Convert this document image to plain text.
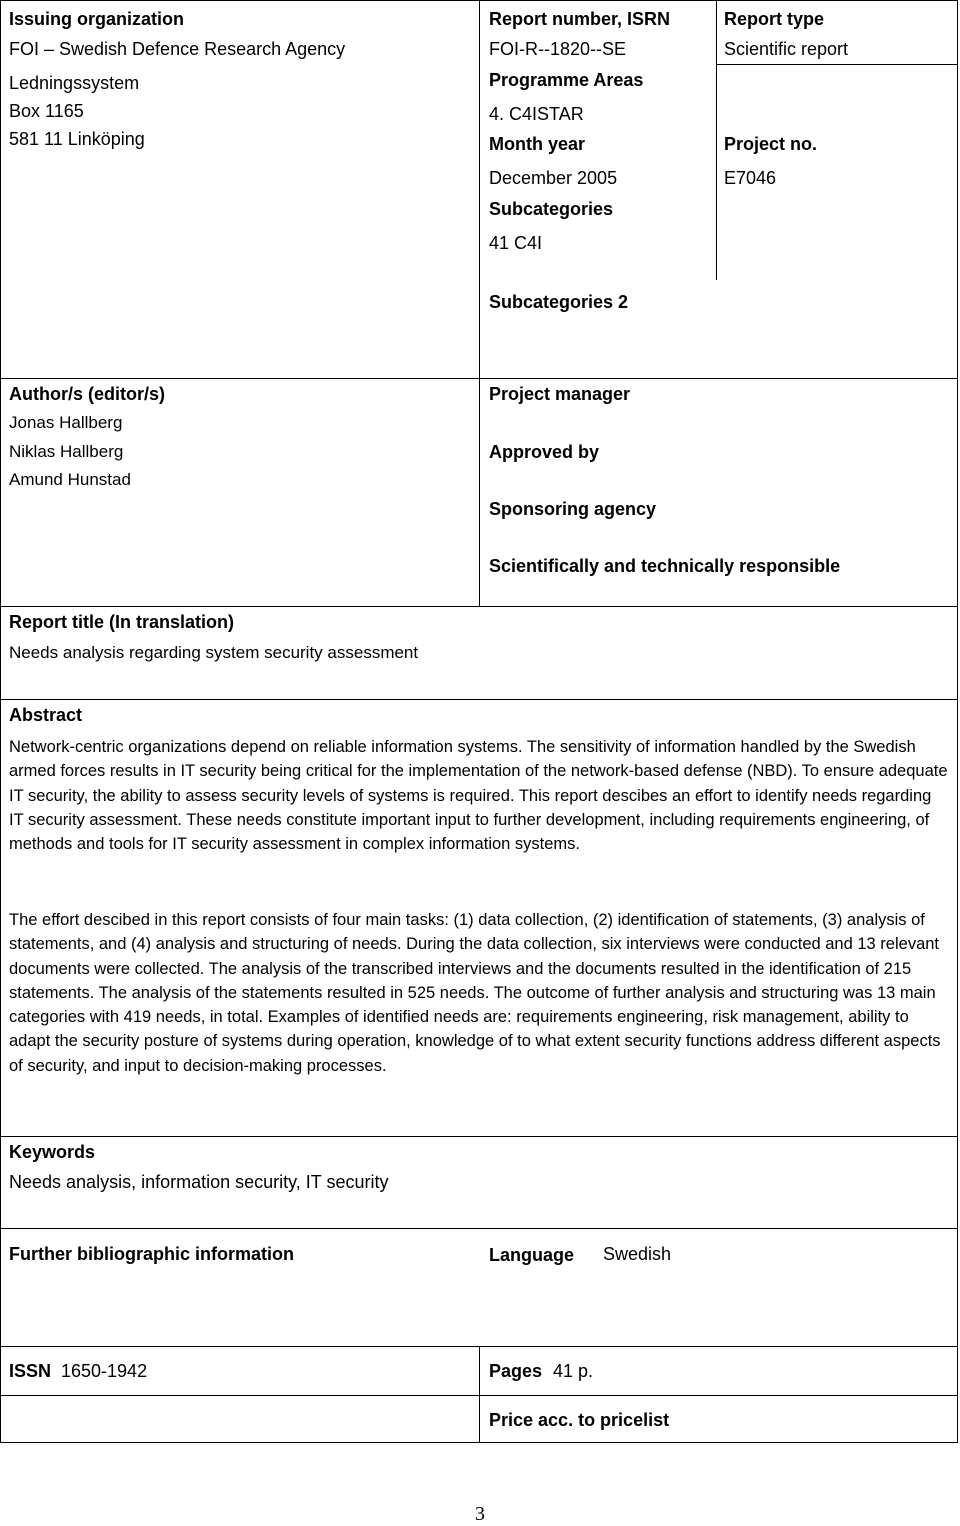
Issuing organization
FOI – Swedish Defence Research Agency
Ledningssystem
Box 1165
581 11 Linköping
Report number, ISRN
FOI-R--1820--SE
Report type
Scientific report
Programme Areas
4. C4ISTAR
Month year
December 2005
Project no.
E7046
Subcategories
41 C4I
Subcategories 2
Author/s (editor/s)
Jonas Hallberg
Niklas Hallberg
Amund Hunstad
Project manager
Approved by
Sponsoring agency
Scientifically and technically responsible
Report title (In translation)
Needs analysis regarding system security assessment
Abstract
Network-centric organizations depend on reliable information systems. The sensitivity of information handled by the Swedish armed forces results in IT security being critical for the implementation of the network-based defense (NBD). To ensure adequate IT security, the ability to assess security levels of systems is required. This report descibes an effort to identify needs regarding IT security assessment. These needs constitute important input to further development, including requirements engineering, of methods and tools for IT security assessment in complex information systems.
The effort descibed in this report consists of four main tasks: (1) data collection, (2) identification of statements, (3) analysis of statements, and (4) analysis and structuring of needs. During the data collection, six interviews were conducted and 13 relevant documents were collected. The analysis of the transcribed interviews and the documents resulted in the identification of 215 statements. The analysis of the statements resulted in 525 needs. The outcome of further analysis and structuring was 13 main categories with 419 needs, in total. Examples of identified needs are: requirements engineering, risk management, ability to adapt the security posture of systems during operation, knowledge of to what extent security functions address different aspects of security, and input to decision-making processes.
Keywords
Needs analysis, information security, IT security
Further bibliographic information	Language Swedish
ISSN 1650-1942	Pages 41 p.
Price acc. to pricelist
3
